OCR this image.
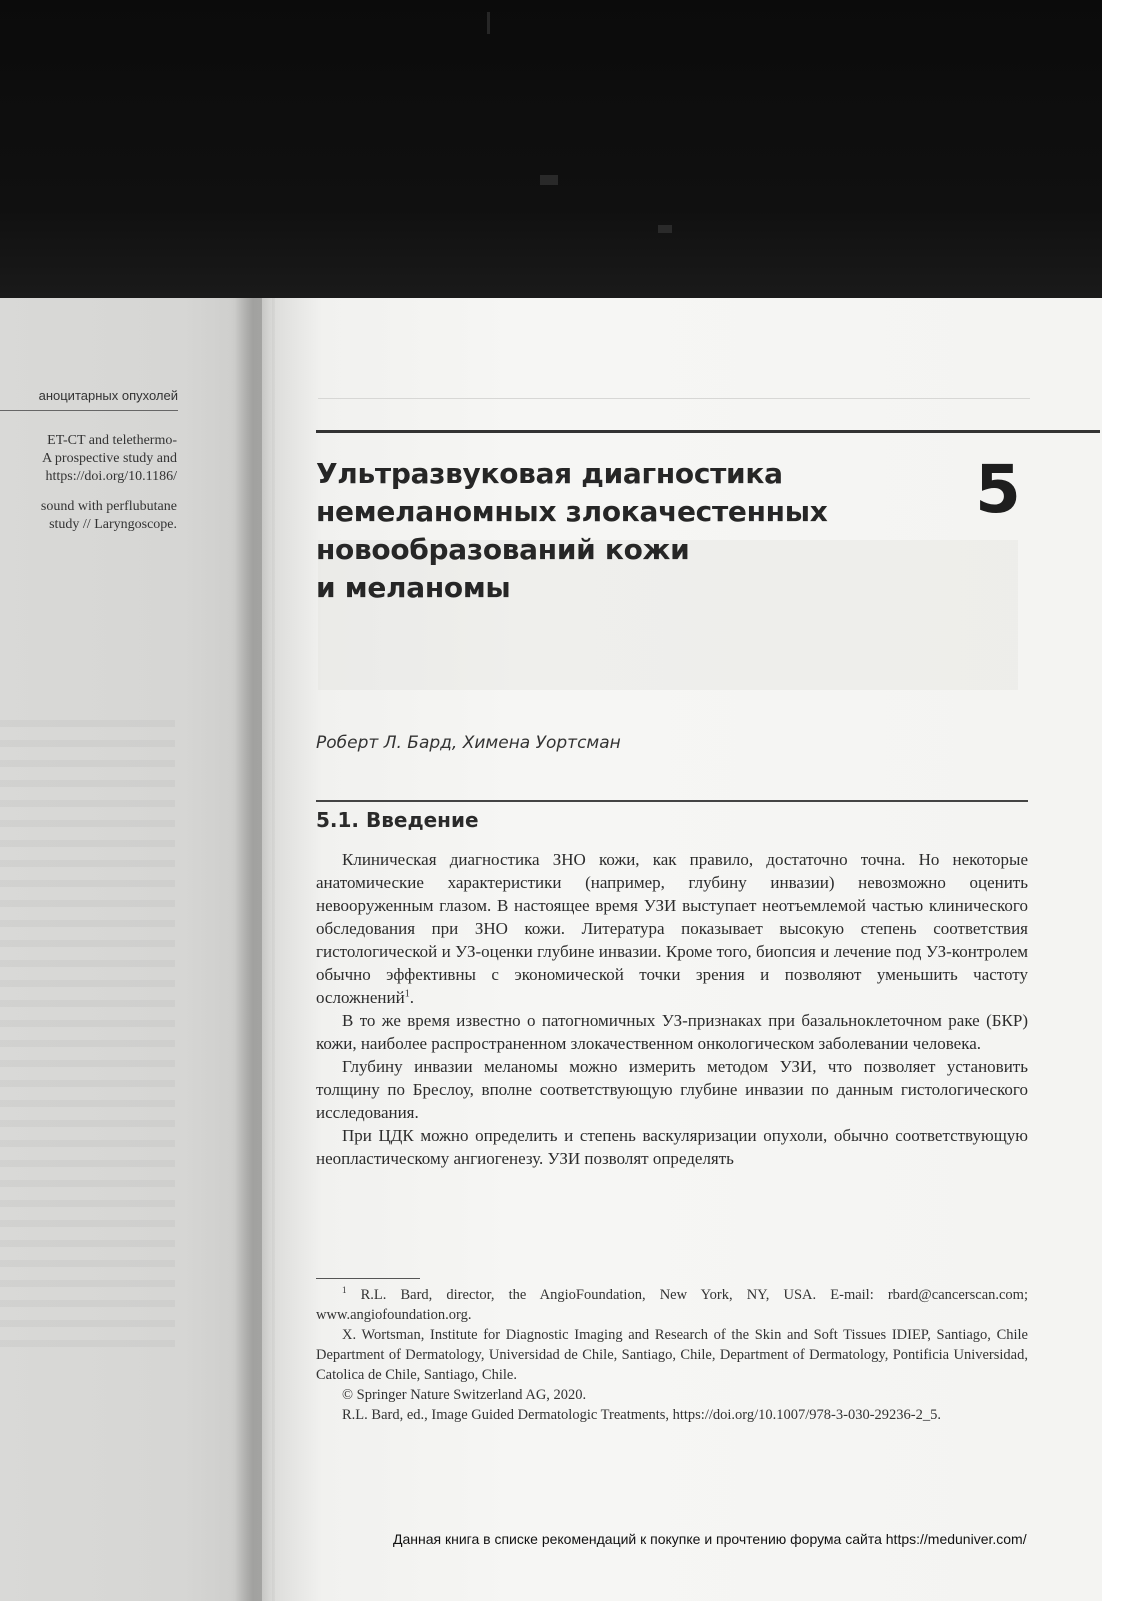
аноцитарных опухолей

ET-CT and telethermo-
A prospective study and
https://doi.org/10.1186/

sound with perflubutane
study // Laryngoscope.

Ультразвуковая диагностика
немеланомных злокачестенных
новообразований кожи
и меланомы
5
Роберт Л. Бард, Химена Уортсман
5.1. Введение

Клиническая диагностика ЗНО кожи, как правило, достаточно точна. Но некоторые анатомические характеристики (например, глубину инвазии) невозможно оценить невооруженным глазом. В настоящее время УЗИ выступает неотъемлемой частью клинического обследования при ЗНО кожи. Литература показывает высокую степень соответствия гистологической и УЗ-оценки глубине инвазии. Кроме того, биопсия и лечение под УЗ-контролем обычно эффективны с экономической точки зрения и позволяют уменьшить частоту осложнений$^1$.

В то же время известно о патогномичных УЗ-признаках при базальноклеточном раке (БКР) кожи, наиболее распространенном злокачественном онкологическом заболевании человека.

Глубину инвазии меланомы можно измерить методом УЗИ, что позволяет установить толщину по Бреслоу, вполне соответствующую глубине инвазии по данным гистологического исследования.

При ЦДК можно определить и степень васкуляризации опухоли, обычно соответствующую неопластическому ангиогенезу. УЗИ позволят определять

$^1$ R.L. Bard, director, the AngioFoundation, New York, NY, USA. E-mail: rbard@cancerscan.com; www.angiofoundation.org.

X. Wortsman, Institute for Diagnostic Imaging and Research of the Skin and Soft Tissues IDIEP, Santiago, Chile Department of Dermatology, Universidad de Chile, Santiago, Chile, Department of Dermatology, Pontificia Universidad, Catolica de Chile, Santiago, Chile.

© Springer Nature Switzerland AG, 2020.

R.L. Bard, ed., Image Guided Dermatologic Treatments, https://doi.org/10.1007/978-3-030-29236-2_5.

Данная книга в списке рекомендаций к покупке и прочтению форума сайта https://meduniver.com/
